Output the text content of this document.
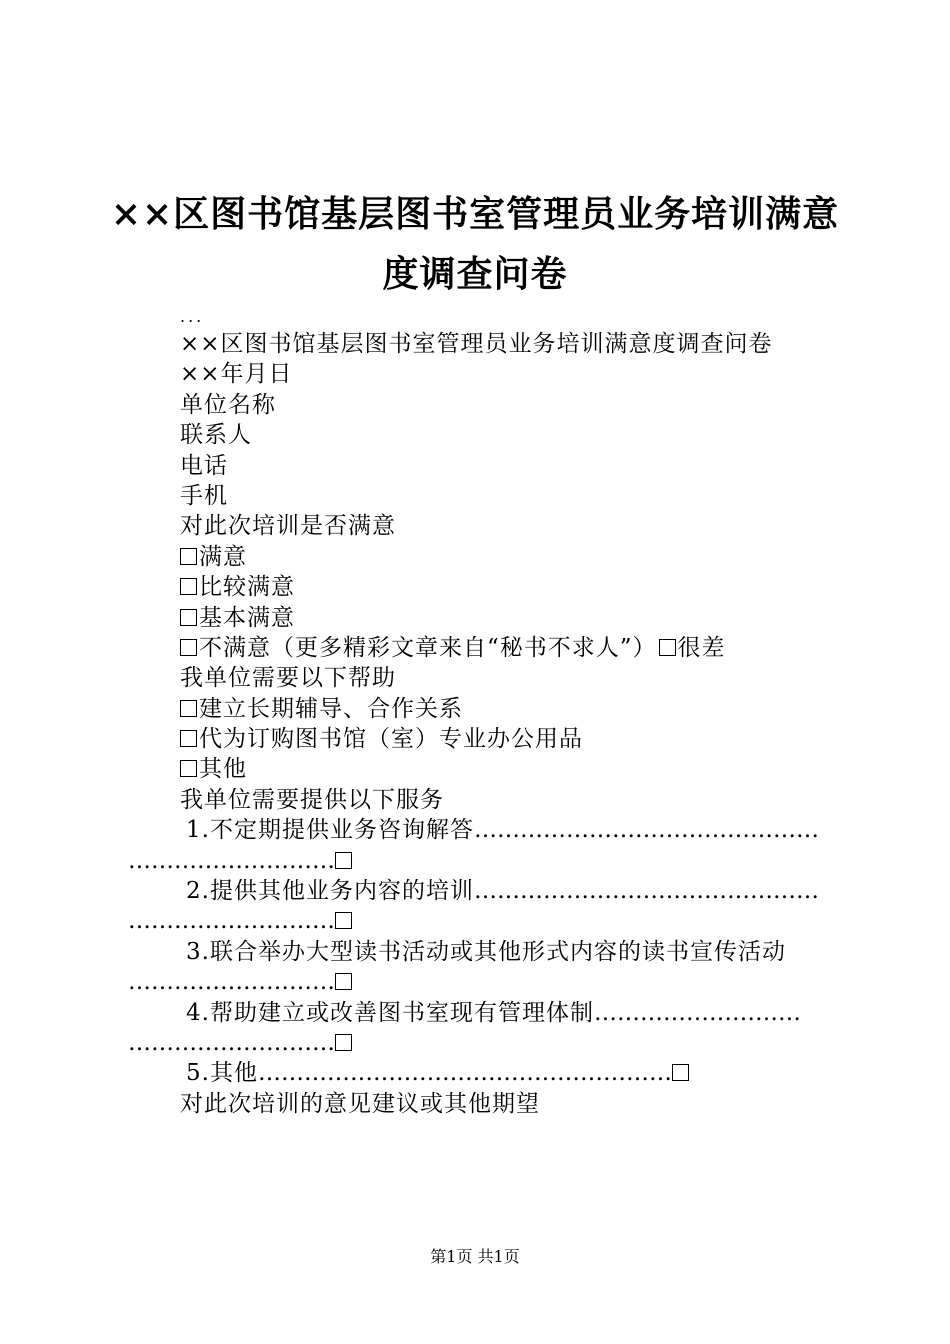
××区图书馆基层图书室管理员业务培训满意
度调查问卷
...
××区图书馆基层图书室管理员业务培训满意度调查问卷
××年月日
单位名称
联系人
电话
手机
对此次培训是否满意
满意
比较满意
基本满意
不满意（更多精彩文章来自“秘书不求人”） 很差
我单位需要以下帮助
建立长期辅导、合作关系
代为订购图书馆（室）专业办公用品
其他
我单位需要提供以下服务
1.不定期提供业务咨询解答………………………………………
………………………
2.提供其他业务内容的培训………………………………………
………………………
3.联合举办大型读书活动或其他形式内容的读书宣传活动
………………………
4.帮助建立或改善图书室现有管理体制………………………
………………………
5.其他………………………………………………
对此次培训的意见建议或其他期望
第1页 共1页
